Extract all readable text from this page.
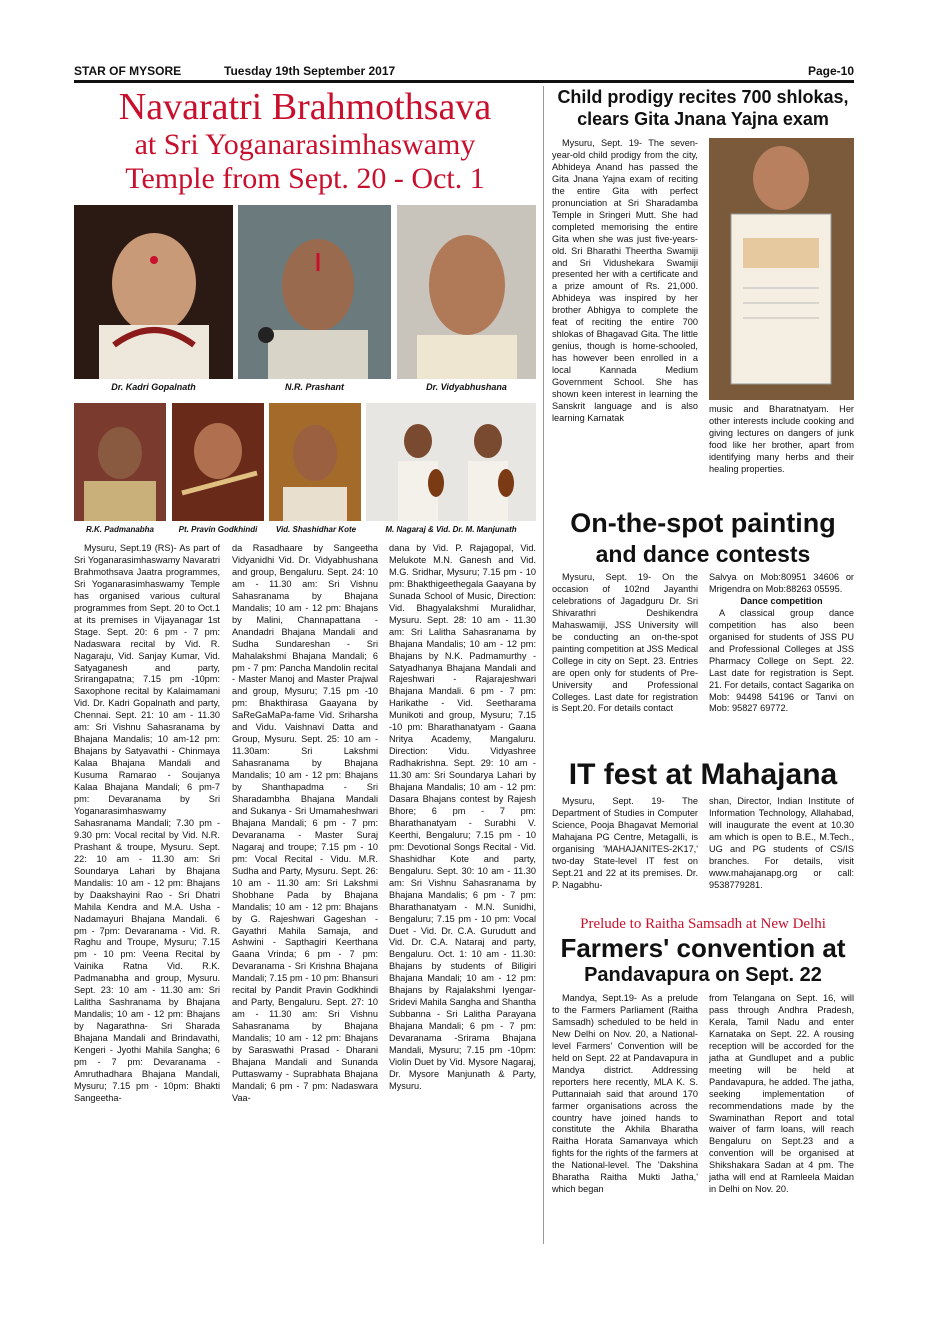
STAR OF MYSORE	Tuesday 19th September 2017	Page-10
Navaratri Brahmothsava
at Sri Yoganarasimhaswamy
Temple from Sept. 20 - Oct. 1
Dr. Kadri Gopalnath	N.R. Prashant	Dr. Vidyabhushana
R.K. Padmanabha	Pt. Pravin Godkhindi	Vid. Shashidhar Kote	M. Nagaraj & Vid. Dr. M. Manjunath

Mysuru, Sept.19 (RS)- As part of Sri Yoganarasimhaswamy Navaratri Brahmothsava Jaatra programmes, Sri Yoganarasimhaswamy Temple has organised various cultural programmes from Sept. 20 to Oct.1 at its premises in Vijayanagar 1st Stage. Sept. 20: 6 pm - 7 pm: Nadaswara recital by Vid. R. Nagaraju, Vid. Sanjay Kumar, Vid. Satyaganesh and party, Srirangapatna; 7.15 pm -10pm: Saxophone recital by Kalaimamani Vid. Dr. Kadri Gopalnath and party, Chennai. Sept. 21: 10 am - 11.30 am: Sri Vishnu Sahasranama by Bhajana Mandalis; 10 am-12 pm: Bhajans by Satyavathi - Chinmaya Kalaa Bhajana Mandali and Kusuma Ramarao - Soujanya Kalaa Bhajana Mandali; 6 pm-7 pm: Devaranama by Sri Yoganarasimhaswamy Sahasranama Mandali; 7.30 pm - 9.30 pm: Vocal recital by Vid. N.R. Prashant & troupe, Mysuru. Sept. 22: 10 am - 11.30 am: Sri Soundarya Lahari by Bhajana Mandalis: 10 am - 12 pm: Bhajans by Daakshayini Rao - Sri Dhatri Mahila Kendra and M.A. Usha - Nadamayuri Bhajana Mandali. 6 pm - 7pm: Devaranama - Vid. R. Raghu and Troupe, Mysuru; 7.15 pm - 10 pm: Veena Recital by Vainika Ratna Vid. R.K. Padmanabha and group, Mysuru. Sept. 23: 10 am - 11.30 am: Sri Lalitha Sashranama by Bhajana Mandalis; 10 am - 12 pm: Bhajans by Nagarathna- Sri Sharada Bhajana Mandali and Brindavathi, Kengeri - Jyothi Mahila Sangha; 6 pm - 7 pm: Devaranama - Amruthadhara Bhajana Mandali, Mysuru; 7.15 pm - 10pm: Bhakti Sangeetha-

da Rasadhaare by Sangeetha Vidyanidhi Vid. Dr. Vidyabhushana and group, Bengaluru. Sept. 24: 10 am - 11.30 am: Sri Vishnu Sahasranama by Bhajana Mandalis; 10 am - 12 pm: Bhajans by Malini, Channapattana - Anandadri Bhajana Mandali and Sudha Sundareshan - Sri Mahalakshmi Bhajana Mandali; 6 pm - 7 pm: Pancha Mandolin recital - Master Manoj and Master Prajwal and group, Mysuru; 7.15 pm -10 pm: Bhakthirasa Gaayana by SaReGaMaPa-fame Vid. Sriharsha and Vidu. Vaishnavi Datta and Group, Mysuru. Sept. 25: 10 am - 11.30am: Sri Lakshmi Sahasranama by Bhajana Mandalis; 10 am - 12 pm: Bhajans by Shanthapadma - Sri Sharadambha Bhajana Mandali and Sukanya - Sri Umamaheshwari Bhajana Mandali; 6 pm - 7 pm: Devaranama - Master Suraj Nagaraj and troupe; 7.15 pm - 10 pm: Vocal Recital - Vidu. M.R. Sudha and Party, Mysuru. Sept. 26: 10 am - 11.30 am: Sri Lakshmi Shobhane Pada by Bhajana Mandalis; 10 am - 12 pm: Bhajans by G. Rajeshwari Gageshan - Gayathri Mahila Samaja, and Ashwini - Sapthagiri Keerthana Gaana Vrinda; 6 pm - 7 pm: Devaranama - Sri Krishna Bhajana Mandali; 7.15 pm - 10 pm: Bhansuri recital by Pandit Pravin Godkhindi and Party, Bengaluru. Sept. 27: 10 am - 11.30 am: Sri Vishnu Sahasranama by Bhajana Mandalis; 10 am - 12 pm: Bhajans by Saraswathi Prasad - Dharani Bhajana Mandali and Sunanda Puttaswamy - Suprabhata Bhajana Mandali; 6 pm - 7 pm: Nadaswara Vaa-

dana by Vid. P. Rajagopal, Vid. Melukote M.N. Ganesh and Vid. M.G. Sridhar, Mysuru; 7.15 pm - 10 pm: Bhakthigeethegala Gaayana by Sunada School of Music, Direction: Vid. Bhagyalakshmi Muralidhar, Mysuru. Sept. 28: 10 am - 11.30 am: Sri Lalitha Sahasranama by Bhajana Mandalis; 10 am - 12 pm: Bhajans by N.K. Padmamurthy - Satyadhanya Bhajana Mandali and Rajeshwari - Rajarajeshwari Bhajana Mandali. 6 pm - 7 pm: Harikathe - Vid. Seetharama Munikoti and group, Mysuru; 7.15 -10 pm: Bharathanatyam - Gaana Nritya Academy, Mangaluru. Direction: Vidu. Vidyashree Radhakrishna. Sept. 29: 10 am - 11.30 am: Sri Soundarya Lahari by Bhajana Mandalis; 10 am - 12 pm: Dasara Bhajans contest by Rajesh Bhore; 6 pm - 7 pm: Bharathanatyam - Surabhi V. Keerthi, Bengaluru; 7.15 pm - 10 pm: Devotional Songs Recital - Vid. Shashidhar Kote and party, Bengaluru. Sept. 30: 10 am - 11.30 am: Sri Vishnu Sahasranama by Bhajana Mandalis; 6 pm - 7 pm: Bharathanatyam - M.N. Sunidhi, Bengaluru; 7.15 pm - 10 pm: Vocal Duet - Vid. Dr. C.A. Gurudutt and Vid. Dr. C.A. Nataraj and party, Bengaluru. Oct. 1: 10 am - 11.30: Bhajans by students of Biligiri Bhajana Mandali; 10 am - 12 pm: Bhajans by Rajalakshmi Iyengar- Sridevi Mahila Sangha and Shantha Subbanna - Sri Lalitha Parayana Bhajana Mandali; 6 pm - 7 pm: Devaranama -Srirama Bhajana Mandali, Mysuru; 7.15 pm -10pm: Violin Duet by Vid. Mysore Nagaraj, Dr. Mysore Manjunath & Party, Mysuru.

Child prodigy recites 700 shlokas,
clears Gita Jnana Yajna exam

Mysuru, Sept. 19- The seven-year-old child prodigy from the city, Abhideya Anand has passed the Gita Jnana Yajna exam of reciting the entire Gita with perfect pronunciation at Sri Sharadamba Temple in Sringeri Mutt. She had completed memorising the entire Gita when she was just five-years-old. Sri Bharathi Theertha Swamiji and Sri Vidushekara Swamiji presented her with a certificate and a prize amount of Rs. 21,000. Abhideya was inspired by her brother Abhigya to complete the feat of reciting the entire 700 shlokas of Bhagavad Gita. The little genius, though is home-schooled, has however been enrolled in a local Kannada Medium Government School. She has shown keen interest in learning the Sanskrit language and is also learning Karnatak

music and Bharatnatyam. Her other interests include cooking and giving lectures on dangers of junk food like her brother, apart from identifying many herbs and their healing properties.

On-the-spot painting
and dance contests

Mysuru, Sept. 19- On the occasion of 102nd Jayanthi celebrations of Jagadguru Dr. Sri Shivarathri Deshikendra Mahaswamiji, JSS University will be conducting an on-the-spot painting competition at JSS Medical College in city on Sept. 23. Entries are open only for students of Pre-University and Professional Colleges. Last date for registration is Sept.20. For details contact

Salvya on Mob:80951 34606 or Mrigendra on Mob:88263 05595.

Dance competition

A classical group dance competition has also been organised for students of JSS PU and Professional Colleges at JSS Pharmacy College on Sept. 22. Last date for registration is Sept. 21. For details, contact Sagarika on Mob: 94498 54196 or Tanvi on Mob: 95827 69772.

IT fest at Mahajana

Mysuru, Sept. 19- The Department of Studies in Computer Science, Pooja Bhagavat Memorial Mahajana PG Centre, Metagalli, is organising 'MAHAJANITES-2K17,' two-day State-level IT fest on Sept.21 and 22 at its premises. Dr. P. Nagabhu-

shan, Director, Indian Institute of Information Technology, Allahabad, will inaugurate the event at 10.30 am which is open to B.E., M.Tech., UG and PG students of CS/IS branches. For details, visit www.mahajanapg.org or call: 9538779281.

Prelude to Raitha Samsadh at New Delhi
Farmers' convention at
Pandavapura on Sept. 22

Mandya, Sept.19- As a prelude to the Farmers Parliament (Raitha Samsadh) scheduled to be held in New Delhi on Nov. 20, a National-level Farmers' Convention will be held on Sept. 22 at Pandavapura in Mandya district. Addressing reporters here recently, MLA K. S. Puttannaiah said that around 170 farmer organisations across the country have joined hands to constitute the Akhila Bharatha Raitha Horata Samanvaya which fights for the rights of the farmers at the National-level. The 'Dakshina Bharatha Raitha Mukti Jatha,' which began

from Telangana on Sept. 16, will pass through Andhra Pradesh, Kerala, Tamil Nadu and enter Karnataka on Sept. 22. A rousing reception will be accorded for the jatha at Gundlupet and a public meeting will be held at Pandavapura, he added. The jatha, seeking implementation of recommendations made by the Swaminathan Report and total waiver of farm loans, will reach Bengaluru on Sept.23 and a convention will be organised at Shikshakara Sadan at 4 pm. The jatha will end at Ramleela Maidan in Delhi on Nov. 20.
